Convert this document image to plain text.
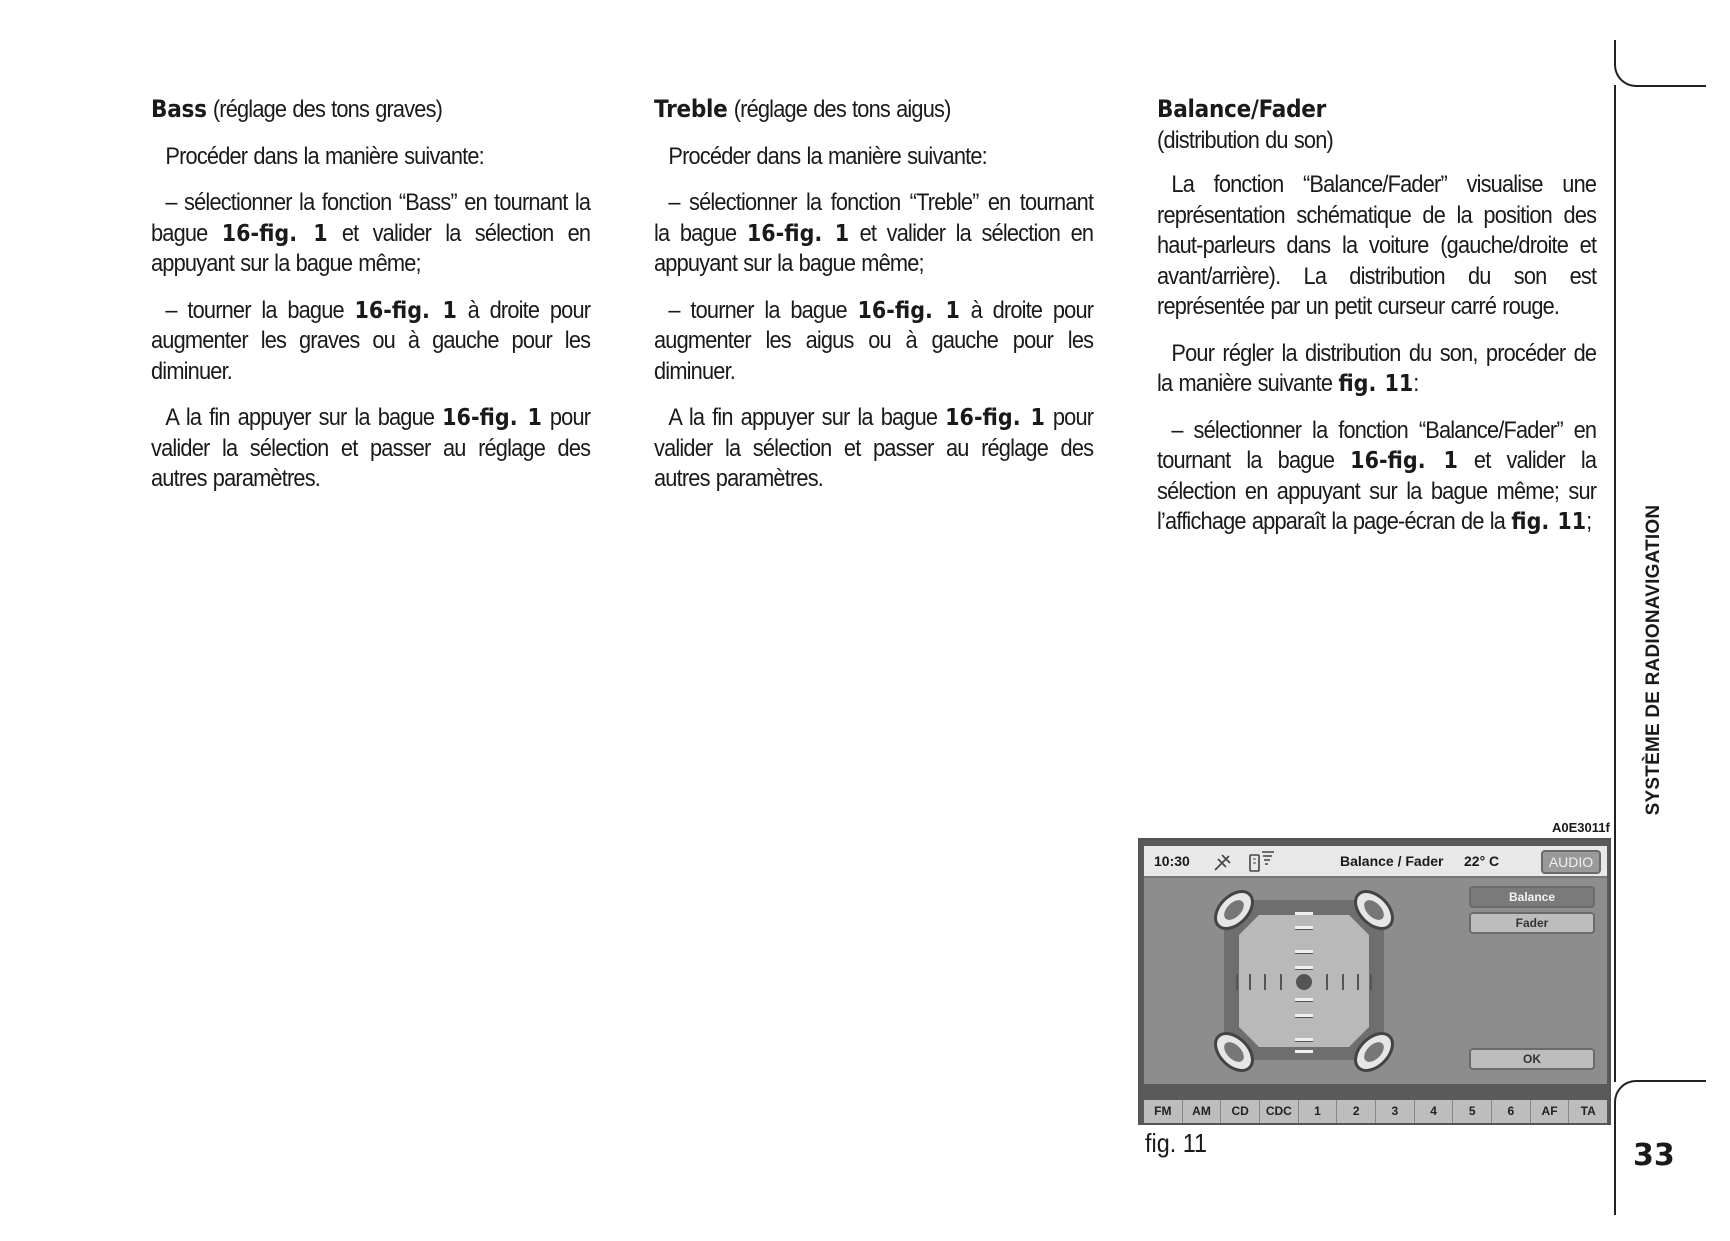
Bass (réglage des tons graves)

Procéder dans la manière suivante:

– sélectionner la fonction “Bass” en tournant la bague 16-fig. 1 et valider la sélection en appuyant sur la bague même;

– tourner la bague 16-fig. 1 à droite pour augmenter les graves ou à gauche pour les diminuer.

A la fin appuyer sur la bague 16-fig. 1 pour valider la sélection et passer au réglage des autres paramètres.

Treble (réglage des tons aigus)

Procéder dans la manière suivante:

– sélectionner la fonction “Treble” en tournant la bague 16-fig. 1 et valider la sélection en appuyant sur la bague même;

– tourner la bague 16-fig. 1 à droite pour augmenter les aigus ou à gauche pour les diminuer.

A la fin appuyer sur la bague 16-fig. 1 pour valider la sélection et passer au réglage des autres paramètres.

Balance/Fader
(distribution du son)

La fonction “Balance/Fader” visualise une représentation schématique de la position des haut-parleurs dans la voiture (gauche/droite et avant/arrière). La distribution du son est représentée par un petit curseur carré rouge.

Pour régler la distribution du son, procéder de la manière suivante fig. 11:

– sélectionner la fonction “Balance/Fader” en tournant la bague 16-fig. 1 et valider la sélection en appuyant sur la bague même; sur l’affichage apparaît la page-écran de la fig. 11;	SYSTÈME DE RADIONAVIGATION
33
A0E3011f
10:30	Balance / Fader 22° C	AUDIO
Balance
Fader
OK
FM	AM	CD	CDC	1	2	3	4	5	6	AF	TA
fig. 11
